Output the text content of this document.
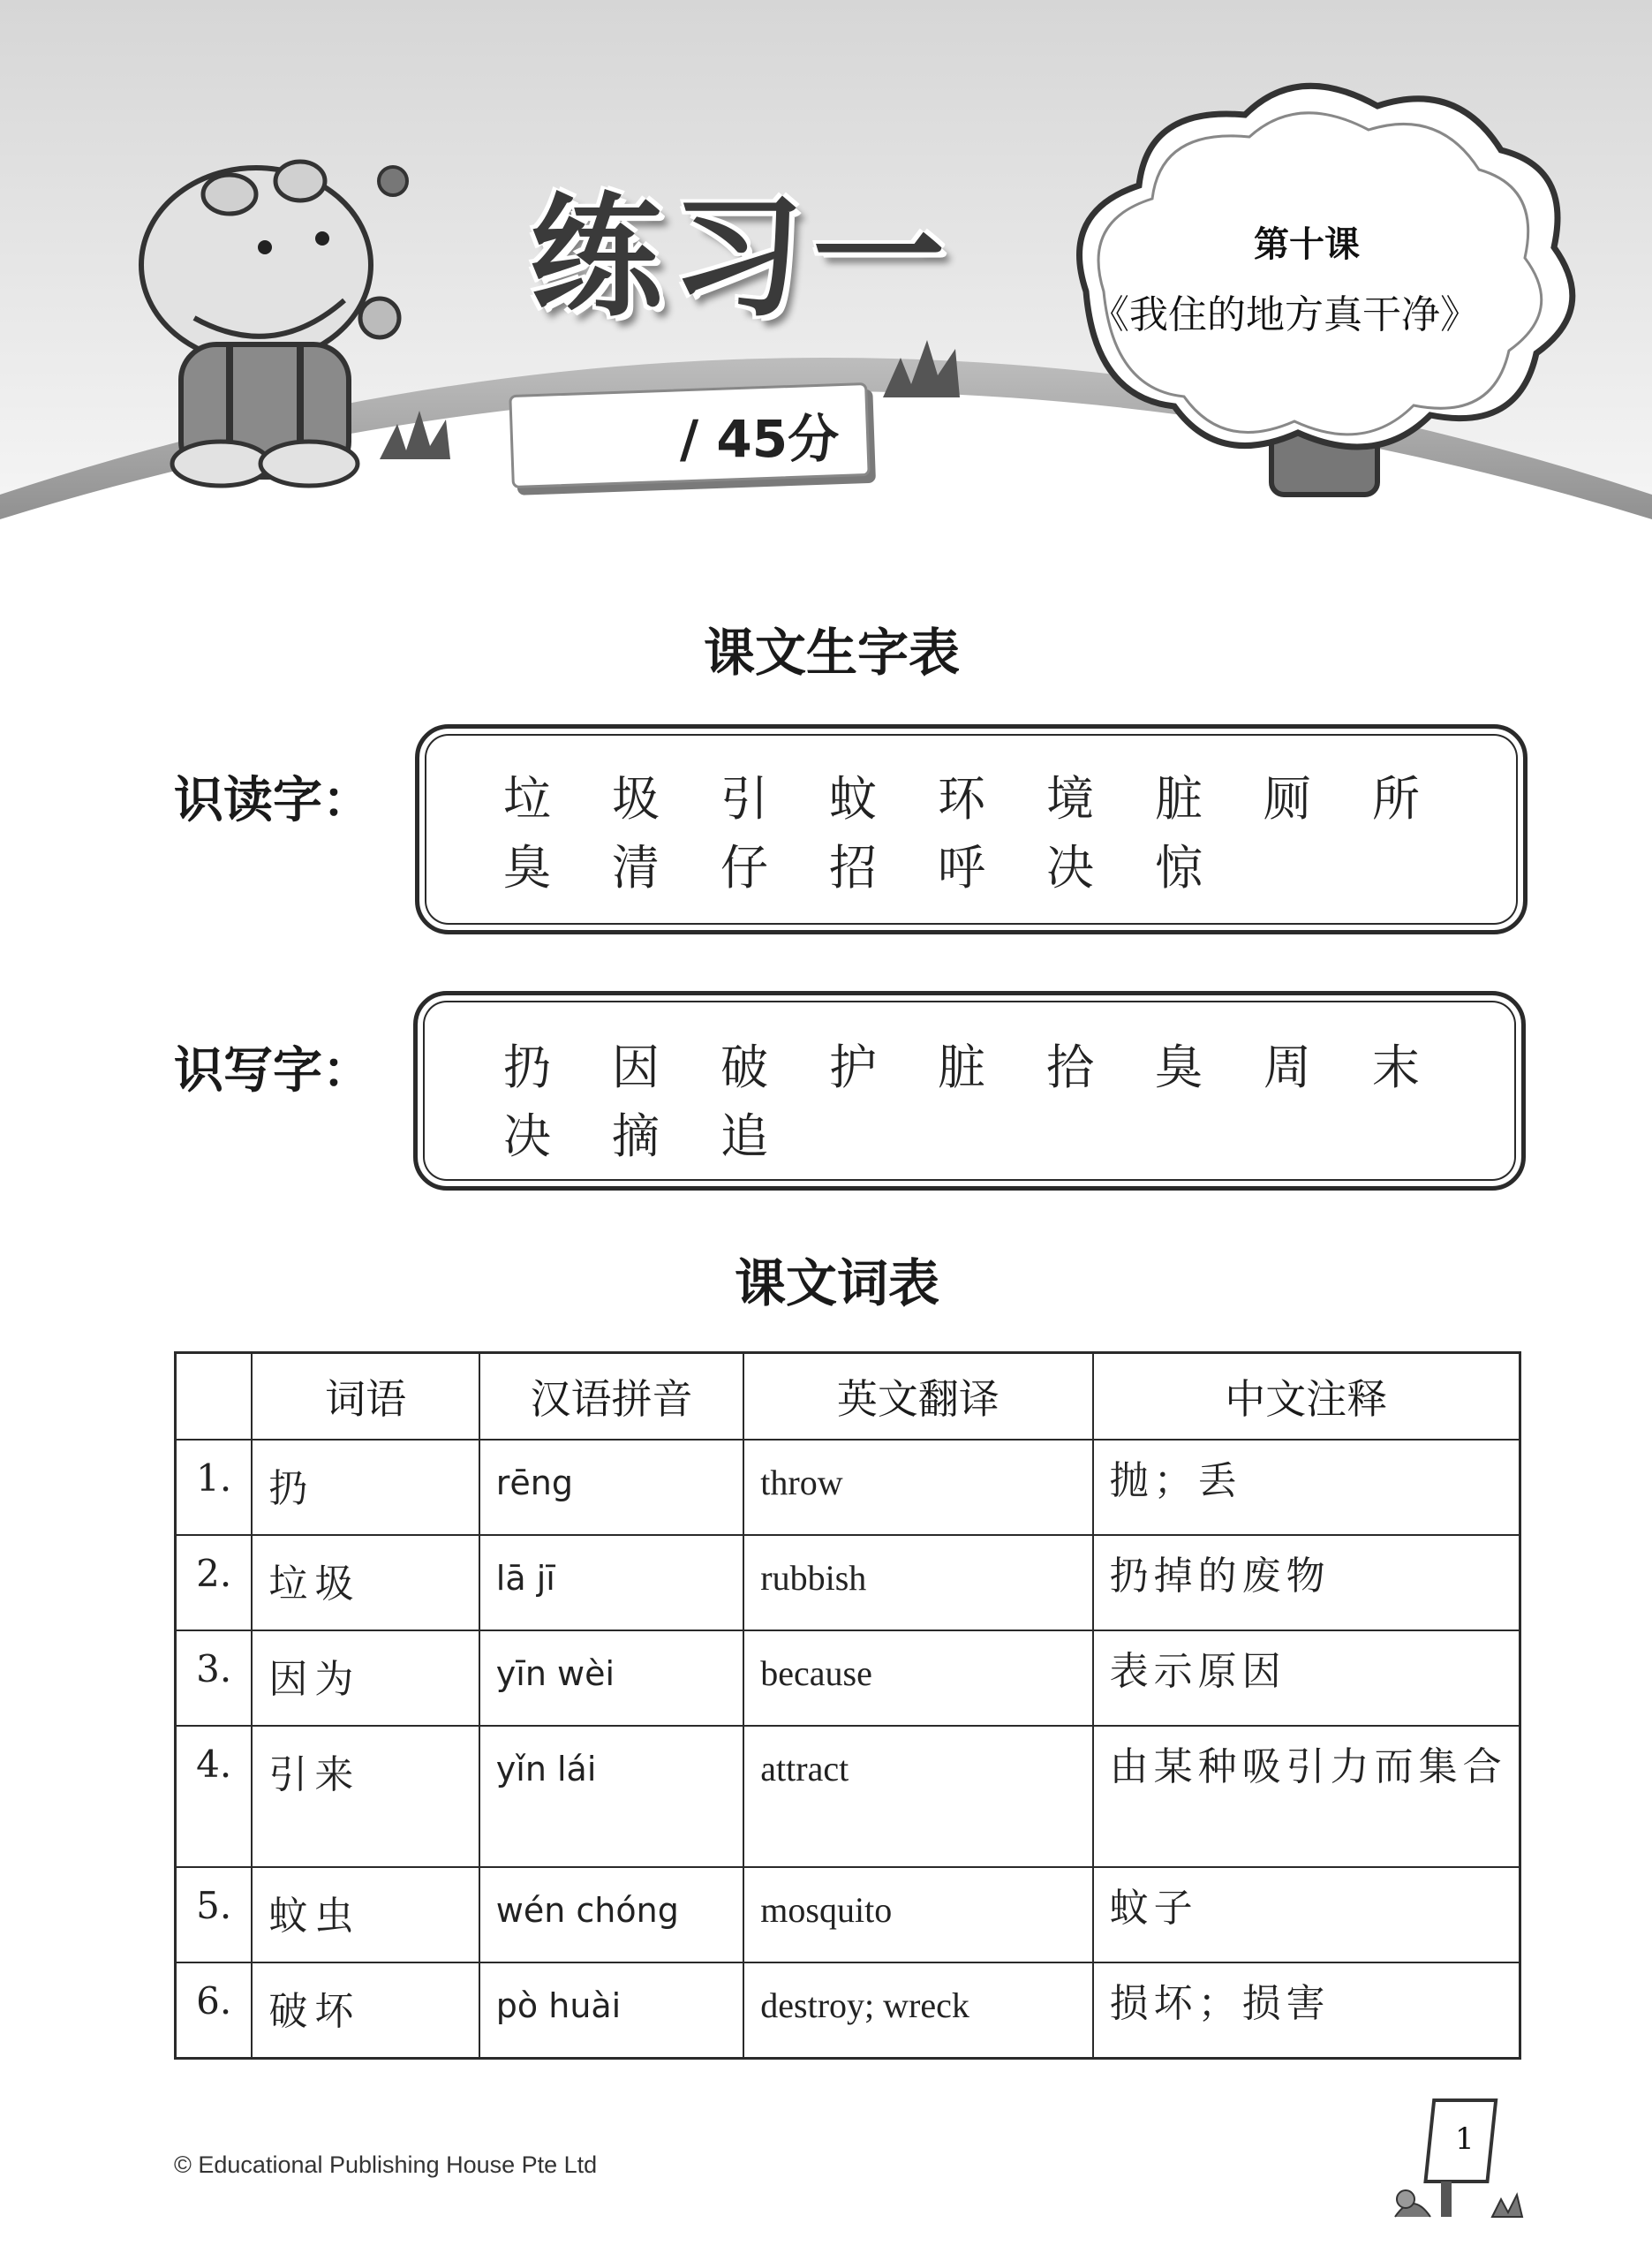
练习一
/ 45分
第十课
《我住的地方真干净》
课文生字表
识读字：	垃	圾	引	蚊	环	境	脏	厕	所
臭	清	仔	招	呼	决	惊
识写字：	扔	因	破	护	脏	拾	臭	周	末
决	摘	追
课文词表
	词语	汉语拼音	英文翻译	中文注释
1.	扔	rēng	throw	抛；丢
2.	垃圾	lā jī	rubbish	扔掉的废物
3.	因为	yīn wèi	because	表示原因
4.	引来	yǐn lái	attract	由某种吸引力而集合
5.	蚊虫	wén chóng	mosquito	蚊子
6.	破坏	pò huài	destroy; wreck	损坏；损害
© Educational Publishing House Pte Ltd
1
